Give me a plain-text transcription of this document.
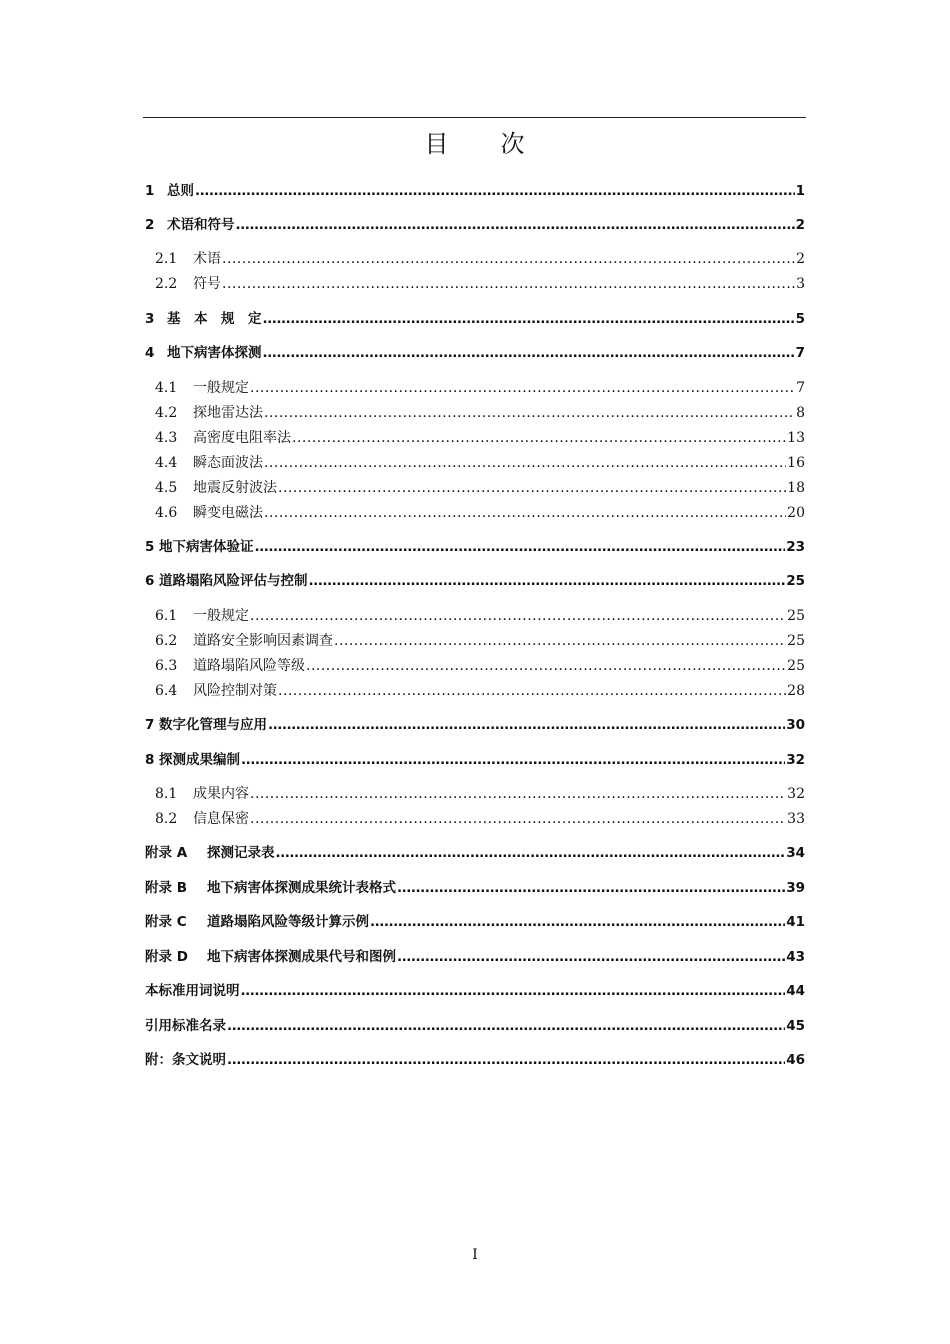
目 次
1 总则 .....	1
2 术语和符号 .....	2
2.1	术语 .....	2
2.2	符号 .....	3
3 基　本　规　定 .....	5
4 地下病害体探测 .....	7
4.1	一般规定 .....	7
4.2	探地雷达法 .....	8
4.3	高密度电阻率法 .....	13
4.4	瞬态面波法 .....	16
4.5	地震反射波法 .....	18
4.6	瞬变电磁法 .....	20
5 地下病害体验证 .....	23
6 道路塌陷风险评估与控制 .....	25
6.1	一般规定 .....	25
6.2	道路安全影响因素调查 .....	25
6.3	道路塌陷风险等级 .....	25
6.4	风险控制对策 .....	28
7 数字化管理与应用 .....	30
8 探测成果编制 .....	32
8.1	成果内容 .....	32
8.2	信息保密 .....	33
附录 A	探测记录表 .....	34
附录 B	地下病害体探测成果统计表格式 .....	39
附录 C	道路塌陷风险等级计算示例 .....	41
附录 D	地下病害体探测成果代号和图例 .....	43
本标准用词说明 .....	44
引用标准名录 .....	45
附：条文说明 .....	46
I
